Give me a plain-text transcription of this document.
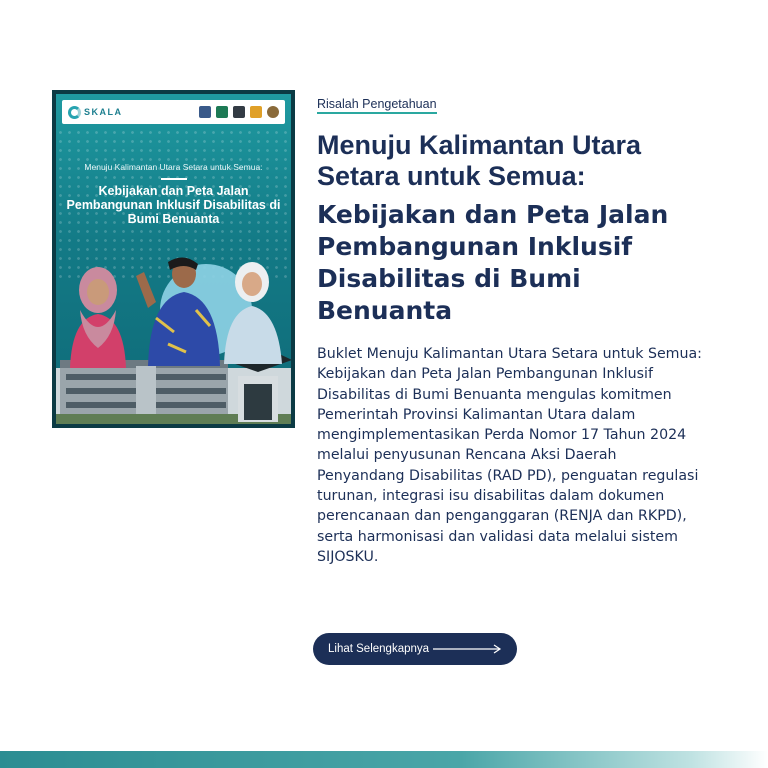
SKALA
Menuju Kalimantan Utara Setara untuk Semua:
Kebijakan dan Peta Jalan Pembangunan Inklusif Disabilitas di Bumi Benuanta
Risalah Pengetahuan
Menuju Kalimantan Utara Setara untuk Semua:
Kebijakan dan Peta Jalan Pembangunan Inklusif Disabilitas di Bumi Benuanta

Buklet Menuju Kalimantan Utara Setara untuk Semua: Kebijakan dan Peta Jalan Pembangunan Inklusif Disabilitas di Bumi Benuanta mengulas komitmen Pemerintah Provinsi Kalimantan Utara dalam mengimplementasikan Perda Nomor 17 Tahun 2024 melalui penyusunan Rencana Aksi Daerah Penyandang Disabilitas (RAD PD), penguatan regulasi turunan, integrasi isu disabilitas dalam dokumen perencanaan dan penganggaran (RENJA dan RKPD), serta harmonisasi dan validasi data melalui sistem SIJOSKU.

Lihat Selengkapnya
